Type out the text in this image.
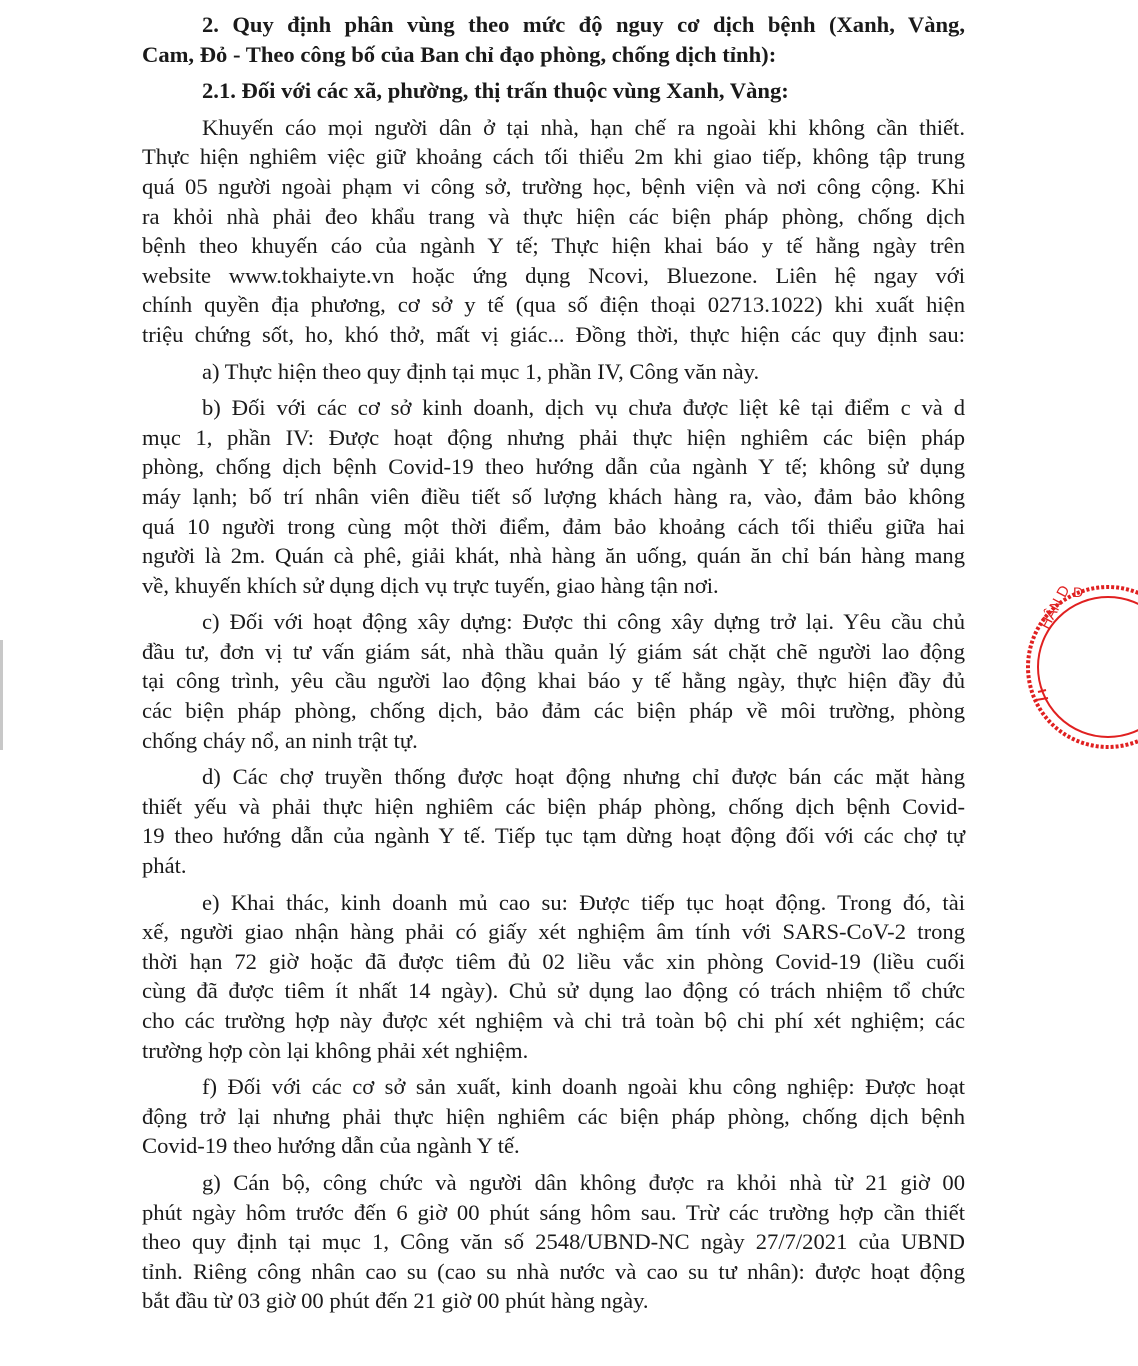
2. Quy định phân vùng theo mức độ nguy cơ dịch bệnh (Xanh, Vàng,
Cam, Đỏ - Theo công bố của Ban chỉ đạo phòng, chống dịch tỉnh):
2.1. Đối với các xã, phường, thị trấn thuộc vùng Xanh, Vàng:
Khuyến cáo mọi người dân ở tại nhà, hạn chế ra ngoài khi không cần thiết.
Thực hiện nghiêm việc giữ khoảng cách tối thiểu 2m khi giao tiếp, không tập trung
quá 05 người ngoài phạm vi công sở, trường học, bệnh viện và nơi công cộng. Khi
ra khỏi nhà phải đeo khẩu trang và thực hiện các biện pháp phòng, chống dịch
bệnh theo khuyến cáo của ngành Y tế; Thực hiện khai báo y tế hằng ngày trên
website www.tokhaiyte.vn hoặc ứng dụng Ncovi, Bluezone. Liên hệ ngay với
chính quyền địa phương, cơ sở y tế (qua số điện thoại 02713.1022) khi xuất hiện
triệu chứng sốt, ho, khó thở, mất vị giác... Đồng thời, thực hiện các quy định sau:
a) Thực hiện theo quy định tại mục 1, phần IV, Công văn này.
b) Đối với các cơ sở kinh doanh, dịch vụ chưa được liệt kê tại điểm c và d
mục 1, phần IV: Được hoạt động nhưng phải thực hiện nghiêm các biện pháp
phòng, chống dịch bệnh Covid-19 theo hướng dẫn của ngành Y tế; không sử dụng
máy lạnh; bố trí nhân viên điều tiết số lượng khách hàng ra, vào, đảm bảo không
quá 10 người trong cùng một thời điểm, đảm bảo khoảng cách tối thiểu giữa hai
người là 2m. Quán cà phê, giải khát, nhà hàng ăn uống, quán ăn chỉ bán hàng mang
về, khuyến khích sử dụng dịch vụ trực tuyến, giao hàng tận nơi.
c) Đối với hoạt động xây dựng: Được thi công xây dựng trở lại. Yêu cầu chủ
đầu tư, đơn vị tư vấn giám sát, nhà thầu quản lý giám sát chặt chẽ người lao động
tại công trình, yêu cầu người lao động khai báo y tế hằng ngày, thực hiện đầy đủ
các biện pháp phòng, chống dịch, bảo đảm các biện pháp về môi trường, phòng
chống cháy nổ, an ninh trật tự.
d) Các chợ truyền thống được hoạt động nhưng chỉ được bán các mặt hàng
thiết yếu và phải thực hiện nghiêm các biện pháp phòng, chống dịch bệnh Covid-
19 theo hướng dẫn của ngành Y tế. Tiếp tục tạm dừng hoạt động đối với các chợ tự
phát.
e) Khai thác, kinh doanh mủ cao su: Được tiếp tục hoạt động. Trong đó, tài
xế, người giao nhận hàng phải có giấy xét nghiệm âm tính với SARS-CoV-2 trong
thời hạn 72 giờ hoặc đã được tiêm đủ 02 liều vắc xin phòng Covid-19 (liều cuối
cùng đã được tiêm ít nhất 14 ngày). Chủ sử dụng lao động có trách nhiệm tổ chức
cho các trường hợp này được xét nghiệm và chi trả toàn bộ chi phí xét nghiệm; các
trường hợp còn lại không phải xét nghiệm.
f) Đối với các cơ sở sản xuất, kinh doanh ngoài khu công nghiệp: Được hoạt
động trở lại nhưng phải thực hiện nghiêm các biện pháp phòng, chống dịch bệnh
Covid-19 theo hướng dẫn của ngành Y tế.
g) Cán bộ, công chức và người dân không được ra khỏi nhà từ 21 giờ 00
phút ngày hôm trước đến 6 giờ 00 phút sáng hôm sau. Trừ các trường hợp cần thiết
theo quy định tại mục 1, Công văn số 2548/UBND-NC ngày 27/7/2021 của UBND
tỉnh. Riêng công nhân cao su (cao su nhà nước và cao su tư nhân): được hoạt động
bắt đầu từ 03 giờ 00 phút đến 21 giờ 00 phút hàng ngày.
HÂN D D
